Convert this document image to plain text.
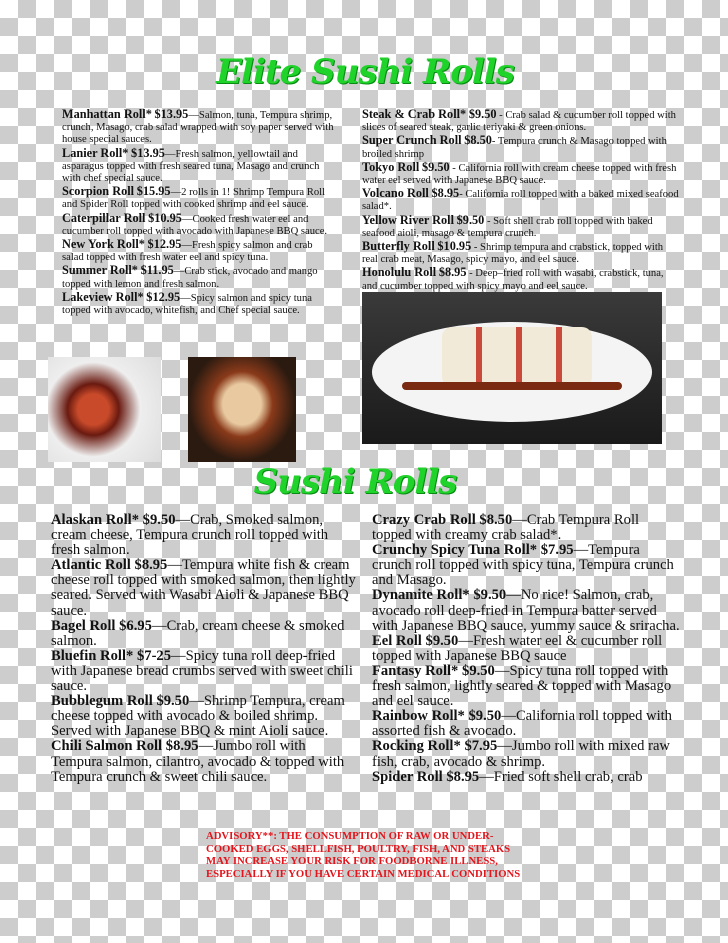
Elite Sushi Rolls
Manhattan Roll* $13.95—Salmon, tuna, Tempura shrimp, crunch, Masago, crab salad wrapped with soy paper served with house special sauces.
Lanier Roll* $13.95—Fresh salmon, yellowtail and asparagus topped with fresh seared tuna, Masago and crunch with chef special sauce.
Scorpion Roll $15.95—2 rolls in 1! Shrimp Tempura Roll and Spider Roll topped with cooked shrimp and eel sauce.
Caterpillar Roll $10.95—Cooked fresh water eel and cucumber roll topped with avocado with Japanese BBQ sauce.
New York Roll* $12.95—Fresh spicy salmon and crab salad topped with fresh water eel and spicy tuna.
Summer Roll* $11.95—Crab stick, avocado and mango topped with lemon and fresh salmon.
Lakeview Roll* $12.95—Spicy salmon and spicy tuna topped with avocado, whitefish, and Chef special sauce.
Steak & Crab Roll* $9.50 - Crab salad & cucumber roll topped with slices of seared steak, garlic teriyaki & green onions.
Super Crunch Roll $8.50- Tempura crunch & Masago topped with broiled shrimp
Tokyo Roll $9.50 - California roll with cream cheese topped with fresh water eel served with Japanese BBQ sauce.
Volcano Roll $8.95- California roll topped with a baked mixed seafood salad*.
Yellow River Roll $9.50 - Soft shell crab roll topped with baked seafood aioli, masago & tempura crunch.
Butterfly Roll $10.95 - Shrimp tempura and crabstick, topped with real crab meat, Masago, spicy mayo, and eel sauce.
Honolulu Roll $8.95 - Deep–fried roll with wasabi, crabstick, tuna, and cucumber topped with spicy mayo and eel sauce.
Sushi Rolls
Alaskan Roll* $9.50—Crab, Smoked salmon, cream cheese, Tempura crunch roll topped with fresh salmon.
Atlantic Roll $8.95—Tempura white fish & cream cheese roll topped with smoked salmon, then lightly seared. Served with Wasabi Aioli & Japanese BBQ sauce.
Bagel Roll $6.95—Crab, cream cheese & smoked salmon.
Bluefin Roll* $7-25—Spicy tuna roll deep-fried with Japanese bread crumbs served with sweet chili sauce.
Bubblegum Roll $9.50—Shrimp Tempura, cream cheese topped with avocado & boiled shrimp. Served with Japanese BBQ & mint Aioli sauce.
Chili Salmon Roll $8.95—Jumbo roll with Tempura salmon, cilantro, avocado & topped with Tempura crunch & sweet chili sauce.
Crazy Crab Roll $8.50—Crab Tempura Roll topped with creamy crab salad*.
Crunchy Spicy Tuna Roll* $7.95—Tempura crunch roll topped with spicy tuna, Tempura crunch and Masago.
Dynamite Roll* $9.50—No rice! Salmon, crab, avocado roll deep-fried in Tempura batter served with Japanese BBQ sauce, yummy sauce & sriracha.
Eel Roll $9.50—Fresh water eel & cucumber roll topped with Japanese BBQ sauce
Fantasy Roll* $9.50—Spicy tuna roll topped with fresh salmon, lightly seared & topped with Masago and eel sauce.
Rainbow Roll* $9.50—California roll topped with assorted fish & avocado.
Rocking Roll* $7.95—Jumbo roll with mixed raw fish, crab, avocado & shrimp.
Spider Roll $8.95—Fried soft shell crab, crab
ADVISORY**: THE CONSUMPTION OF RAW OR UNDER-COOKED EGGS, SHELLFISH, POULTRY, FISH, AND STEAKS MAY INCREASE YOUR RISK FOR FOODBORNE ILLNESS, ESPECIALLY IF YOU HAVE CERTAIN MEDICAL CONDITIONS
